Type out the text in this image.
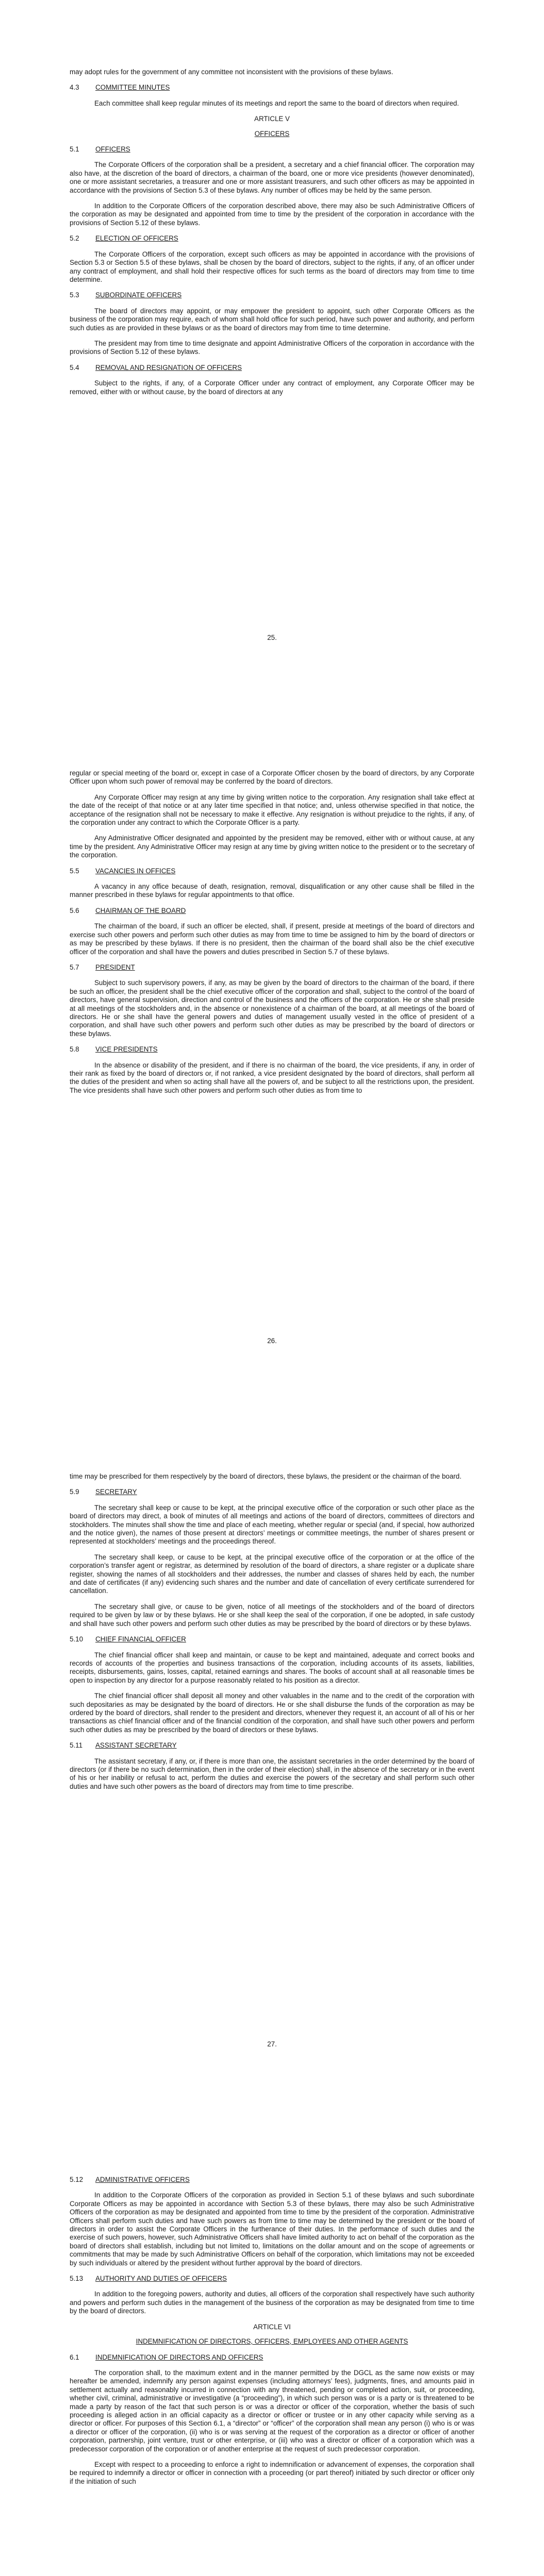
may adopt rules for the government of any committee not inconsistent with the provisions of these bylaws.

4.3	COMMITTEE MINUTES

Each committee shall keep regular minutes of its meetings and report the same to the board of directors when required.

ARTICLE V
OFFICERS
5.1	OFFICERS

The Corporate Officers of the corporation shall be a president, a secretary and a chief financial officer. The corporation may also have, at the discretion of the board of directors, a chairman of the board, one or more vice presidents (however denominated), one or more assistant secretaries, a treasurer and one or more assistant treasurers, and such other officers as may be appointed in accordance with the provisions of Section 5.3 of these bylaws. Any number of offices may be held by the same person.

In addition to the Corporate Officers of the corporation described above, there may also be such Administrative Officers of the corporation as may be designated and appointed from time to time by the president of the corporation in accordance with the provisions of Section 5.12 of these bylaws.

5.2	ELECTION OF OFFICERS

The Corporate Officers of the corporation, except such officers as may be appointed in accordance with the provisions of Section 5.3 or Section 5.5 of these bylaws, shall be chosen by the board of directors, subject to the rights, if any, of an officer under any contract of employment, and shall hold their respective offices for such terms as the board of directors may from time to time determine.

5.3	SUBORDINATE OFFICERS

The board of directors may appoint, or may empower the president to appoint, such other Corporate Officers as the business of the corporation may require, each of whom shall hold office for such period, have such power and authority, and perform such duties as are provided in these bylaws or as the board of directors may from time to time determine.

The president may from time to time designate and appoint Administrative Officers of the corporation in accordance with the provisions of Section 5.12 of these bylaws.

5.4	REMOVAL AND RESIGNATION OF OFFICERS

Subject to the rights, if any, of a Corporate Officer under any contract of employment, any Corporate Officer may be removed, either with or without cause, by the board of directors at any

25.

regular or special meeting of the board or, except in case of a Corporate Officer chosen by the board of directors, by any Corporate Officer upon whom such power of removal may be conferred by the board of directors.

Any Corporate Officer may resign at any time by giving written notice to the corporation. Any resignation shall take effect at the date of the receipt of that notice or at any later time specified in that notice; and, unless otherwise specified in that notice, the acceptance of the resignation shall not be necessary to make it effective. Any resignation is without prejudice to the rights, if any, of the corporation under any contract to which the Corporate Officer is a party.

Any Administrative Officer designated and appointed by the president may be removed, either with or without cause, at any time by the president. Any Administrative Officer may resign at any time by giving written notice to the president or to the secretary of the corporation.

5.5	VACANCIES IN OFFICES

A vacancy in any office because of death, resignation, removal, disqualification or any other cause shall be filled in the manner prescribed in these bylaws for regular appointments to that office.

5.6	CHAIRMAN OF THE BOARD

The chairman of the board, if such an officer be elected, shall, if present, preside at meetings of the board of directors and exercise such other powers and perform such other duties as may from time to time be assigned to him by the board of directors or as may be prescribed by these bylaws. If there is no president, then the chairman of the board shall also be the chief executive officer of the corporation and shall have the powers and duties prescribed in Section 5.7 of these bylaws.

5.7	PRESIDENT

Subject to such supervisory powers, if any, as may be given by the board of directors to the chairman of the board, if there be such an officer, the president shall be the chief executive officer of the corporation and shall, subject to the control of the board of directors, have general supervision, direction and control of the business and the officers of the corporation. He or she shall preside at all meetings of the stockholders and, in the absence or nonexistence of a chairman of the board, at all meetings of the board of directors. He or she shall have the general powers and duties of management usually vested in the office of president of a corporation, and shall have such other powers and perform such other duties as may be prescribed by the board of directors or these bylaws.

5.8	VICE PRESIDENTS

In the absence or disability of the president, and if there is no chairman of the board, the vice presidents, if any, in order of their rank as fixed by the board of directors or, if not ranked, a vice president designated by the board of directors, shall perform all the duties of the president and when so acting shall have all the powers of, and be subject to all the restrictions upon, the president. The vice presidents shall have such other powers and perform such other duties as from time to

26.

time may be prescribed for them respectively by the board of directors, these bylaws, the president or the chairman of the board.

5.9	SECRETARY

The secretary shall keep or cause to be kept, at the principal executive office of the corporation or such other place as the board of directors may direct, a book of minutes of all meetings and actions of the board of directors, committees of directors and stockholders. The minutes shall show the time and place of each meeting, whether regular or special (and, if special, how authorized and the notice given), the names of those present at directors’ meetings or committee meetings, the number of shares present or represented at stockholders’ meetings and the proceedings thereof.

The secretary shall keep, or cause to be kept, at the principal executive office of the corporation or at the office of the corporation’s transfer agent or registrar, as determined by resolution of the board of directors, a share register or a duplicate share register, showing the names of all stockholders and their addresses, the number and classes of shares held by each, the number and date of certificates (if any) evidencing such shares and the number and date of cancellation of every certificate surrendered for cancellation.

The secretary shall give, or cause to be given, notice of all meetings of the stockholders and of the board of directors required to be given by law or by these bylaws. He or she shall keep the seal of the corporation, if one be adopted, in safe custody and shall have such other powers and perform such other duties as may be prescribed by the board of directors or by these bylaws.

5.10	CHIEF FINANCIAL OFFICER

The chief financial officer shall keep and maintain, or cause to be kept and maintained, adequate and correct books and records of accounts of the properties and business transactions of the corporation, including accounts of its assets, liabilities, receipts, disbursements, gains, losses, capital, retained earnings and shares. The books of account shall at all reasonable times be open to inspection by any director for a purpose reasonably related to his position as a director.

The chief financial officer shall deposit all money and other valuables in the name and to the credit of the corporation with such depositaries as may be designated by the board of directors. He or she shall disburse the funds of the corporation as may be ordered by the board of directors, shall render to the president and directors, whenever they request it, an account of all of his or her transactions as chief financial officer and of the financial condition of the corporation, and shall have such other powers and perform such other duties as may be prescribed by the board of directors or these bylaws.

5.11	ASSISTANT SECRETARY

The assistant secretary, if any, or, if there is more than one, the assistant secretaries in the order determined by the board of directors (or if there be no such determination, then in the order of their election) shall, in the absence of the secretary or in the event of his or her inability or refusal to act, perform the duties and exercise the powers of the secretary and shall perform such other duties and have such other powers as the board of directors may from time to time prescribe.

27.
5.12	ADMINISTRATIVE OFFICERS

In addition to the Corporate Officers of the corporation as provided in Section 5.1 of these bylaws and such subordinate Corporate Officers as may be appointed in accordance with Section 5.3 of these bylaws, there may also be such Administrative Officers of the corporation as may be designated and appointed from time to time by the president of the corporation. Administrative Officers shall perform such duties and have such powers as from time to time may be determined by the president or the board of directors in order to assist the Corporate Officers in the furtherance of their duties. In the performance of such duties and the exercise of such powers, however, such Administrative Officers shall have limited authority to act on behalf of the corporation as the board of directors shall establish, including but not limited to, limitations on the dollar amount and on the scope of agreements or commitments that may be made by such Administrative Officers on behalf of the corporation, which limitations may not be exceeded by such individuals or altered by the president without further approval by the board of directors.

5.13	AUTHORITY AND DUTIES OF OFFICERS

In addition to the foregoing powers, authority and duties, all officers of the corporation shall respectively have such authority and powers and perform such duties in the management of the business of the corporation as may be designated from time to time by the board of directors.

ARTICLE VI
INDEMNIFICATION OF DIRECTORS, OFFICERS, EMPLOYEES AND OTHER AGENTS
6.1	INDEMNIFICATION OF DIRECTORS AND OFFICERS

The corporation shall, to the maximum extent and in the manner permitted by the DGCL as the same now exists or may hereafter be amended, indemnify any person against expenses (including attorneys’ fees), judgments, fines, and amounts paid in settlement actually and reasonably incurred in connection with any threatened, pending or completed action, suit, or proceeding, whether civil, criminal, administrative or investigative (a “proceeding”), in which such person was or is a party or is threatened to be made a party by reason of the fact that such person is or was a director or officer of the corporation, whether the basis of such proceeding is alleged action in an official capacity as a director or officer or trustee or in any other capacity while serving as a director or officer. For purposes of this Section 6.1, a “director” or “officer” of the corporation shall mean any person (i) who is or was a director or officer of the corporation, (ii) who is or was serving at the request of the corporation as a director or officer of another corporation, partnership, joint venture, trust or other enterprise, or (iii) who was a director or officer of a corporation which was a predecessor corporation of the corporation or of another enterprise at the request of such predecessor corporation.

Except with respect to a proceeding to enforce a right to indemnification or advancement of expenses, the corporation shall be required to indemnify a director or officer in connection with a proceeding (or part thereof) initiated by such director or officer only if the initiation of such
